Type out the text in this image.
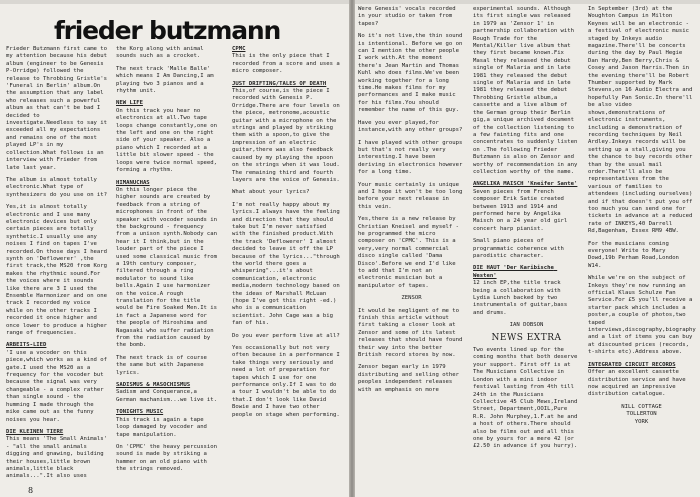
frieder butzmann

Frieder Butzmann first came to my attention because his debut album (engineer to be Genesis P-Orridge) followed the release to Throbbing Gristle's 'Funeral in Berlin' album.On the assumption that any label who releases such a powerful album as that can't be bad I decided to investigate.Needless to say it exceeded all my expectations and remains one of the most played LP's in my collection.What follows is an interview with Frieder from late last year.

The album is almost totally electronic.What type of synthesizers do you use on it?

Yes,it is almost totally electronic and I use many electronic devices but only certain pieces are totally synthetic.I usually use any noises I find on tapes I've recorded.On those days I heard synth on 'Deflowerer' ,the first track,the MS20 from Korg makes the rhythmic sound.For the voices where it sounds like there are 3 I used the Ensemble Harmonizer and on one track I recorded my voice while on the other tracks I recorded it once higher and once lower to produce a higher range of frequencies.

ARBEITS-LIED

'I use a vocoder on this piece,which works as a kind of gate.I used the MS20 as a frequency for the vocoder but because the signal was very changeable - a complex rather than single sound - the humming I made through the mike came out as the funny noises you hear.

DIE KLEINEN TIERE

This means 'The Small Animals' - "all the small animals digging and gnawing, building their houses,little brown animals,little black animals...".It also uses

the Korg along with animal sounds such as a crocket.

The next track 'Malle Balle' which means I Am Dancing,I am playing two 3 pianos and a rhythm unit.

NEW LIFE

On this track you hear no electronics at all.Two tape loops change constantly,one on the left and one on the right side of your speaker. Also a piano which I recorded at a little bit slower speed - the loops were twice normal speed, forming a rhythm.

HIMANUCHAS

On this longer piece the higher sounds are created by feedback from a string of microphones in front of the speaker with vocoder sounds in the background - frequency from a unison synth.Nobody can hear it I think,but in the louder part of the piece I used some classical music from a 19th century composer, filtered through a ring modulator to sound like bells.Again I use harmonizer on the voice.A rough translation for the title would be Fire Soaked Men.It is in fact a Japanese word for the people of Hiroshima and Nagasaki who suffer radiation from the radiation caused by the bomb.

The next track is of course the same but with Japanese lyrics.

SADISMUS & MASOCHISMUS

Sadism and Conquerance,a German machanism...we live it.

TONIGHTS MUSIC

This track is again a tape loop damaged by vocoder and tape manipulation.

On 'CPMC' the heavy percussion sound is made by striking a hammer on an old piano with the strings removed.

CPMC

This is the only piece that I recorded from a score and uses a micro composer.

JUST DRIFTING/TALES OF DEATH

This,of course,is the piece I recorded with Genesis P. Orridge.There are four levels on the piece, metronome,acoustic guitar with a microphone on the strings and played by striking them with a spoon,to give the impression of an electric guitar,there was also feedback caused by my playing the spoon on the strings when it was loud. The remaining third and fourth layers are the voice of Genesis.

What about your lyrics?

I'm not really happy about my lyrics.I always have the feeling and direction that they should take but I'm never satisfied with the finished product.With the track 'Deflowerer' I almost decided to leave it off the LP because of the lyrics..."through the world there goes a whispering"...it's about communication, electronic media,modern technology based on the ideas of Marshall McLuan (hope I've got this right -ed.) who is a communication scientist. John Cage was a big fan of his.

Do you ever perform live at all?

Yes occasionally but not very often because in a performance I take things very seriously and need a lot of preparation for tapes which I use for one performance only.If I was to do a tour I wouldn't be able to do that.I don't look like David Bowie and I have two other people on stage when performing.

8

Were Genesis' vocals recorded in your studio or taken from tapes?

No it's not live,the thin sound is intentional. Before we go on can I mention the other people I work with.At the moment there's Jean Martin and Thomas Kuhl who does films.We've been working together for a long time.He makes films for my performances and I make music for his films.You should remember the name of this guy.

Have you ever played,for instance,with any other groups?

I have played with other groups but that's not really very interesting.I have been deriving in electronics however for a long time.

Your music certainly is unique and I hope it won't be too long before your next release in this vein.

Yes,there is a new release by Christian Kneisel and myself - he programmed the micro composer on 'CPMC'. This is a very,very normal commercial disco single called 'Dama Disco'.Before we end I'd like to add that I'm not an electronic musician but a manipulator of tapes.

ZENSOR

It would be negligent of me to finish this article without first taking a closer look at Zensor and some of its latest releases that should have found their way into the better British record stores by now.

Zensor began early in 1979 distributing and selling other peoples independent releases with an emphasis on more

experimental sounds. Although its first single was released in 1979 as 'Zensor 1' in partnership collaboration with Rough Trade for the Mental/Killer live album that they first became known.Fix Masal they released the debut single of Malaria and in late 1981 they released the debut single of Malaria and in late 1981 they released the debut Throbbing Gristle album,a cassette and a live album of the German group their Berlin gig,a unique archived document of the collection listening to a few fainting fits and one concentrates to suddenly listen on .The following Frieder Butzmann is also on Zensor and worthy of recommendation in any collection worthy of the name.

ANGELIKA MAISCH 'Kneifer Sante'

Seven pieces from French composer Erik Satie created between 1913 and 1914 and performed here by Angelika Maisch on a 24 year old girl concert harp pianist.

Small piano pieces of programmatic coherence with parodistic character.

DIE HAUT 'Der Karibische Westen'

12 inch EP,the title track being a collaboration with Lydia Lunch backed by two instrumentals of guitar,bass and drums.

IAN DOBSON

NEWS EXTRA

Two events lined up for the coming months that both deserve your support. First off is at The Musicians Collective in London with a mini indoor festival lasting from 4th till 24th in the Musicians Collective 45 Club Mews,Ireland Street, Department,OOIL,Pure R.R. John Murphey,1.F.at he and a host of others.There should also be films out and all this one by yours for a mere 42 (or £2.50 in advance if you hurry).

In September (3rd) at the Woughton Campus in Milton Keynes will be an electronic - a festival of electronic music staged by Inkeys audio magazine.There'll be concerts during the day by Paul Hegie Dan Hardy,Ben Berry,Chris & Cosey and Jason Harris.Then in the evening there'll be Robert Thumber supported by Mark Stevens,on 16 Audio Electra and hopefully Pan Sonic.In there'll be also video shows,demonstrations of electronic instruments, including a demonstration of recording techniques by Neil Ardley.Inkeys records will be setting up a stall,giving you the chance to buy records other than by the usual mail order.There'll also be representatives from the various of families to attendees (including ourselves) and if that doesn't put you off too much you can send one for tickets in advance at a reduced rate of INKEYS,40 Darrell Rd,Bagenham, Essex RM9 4BW.

For the musicians coming everyone! Write to Mary Dowd,19b Perham Road,London W14.

While we're on the subject of Inkeys they're now running an official Klaus Schulze Fan Service.For £5 you'll receive a starter pack which includes a poster,a couple of photos,two taped interviews,discography,biography and a list of items you can buy at discounted prices (records, t-shirts etc).Address above.

INTEGRATED CIRCUIT RECORDS

Offer an excellent cassette distribution service and have now acquired an impressive distribution catalogue.

NILL COTTAGE
TOLLERTON
YORK
